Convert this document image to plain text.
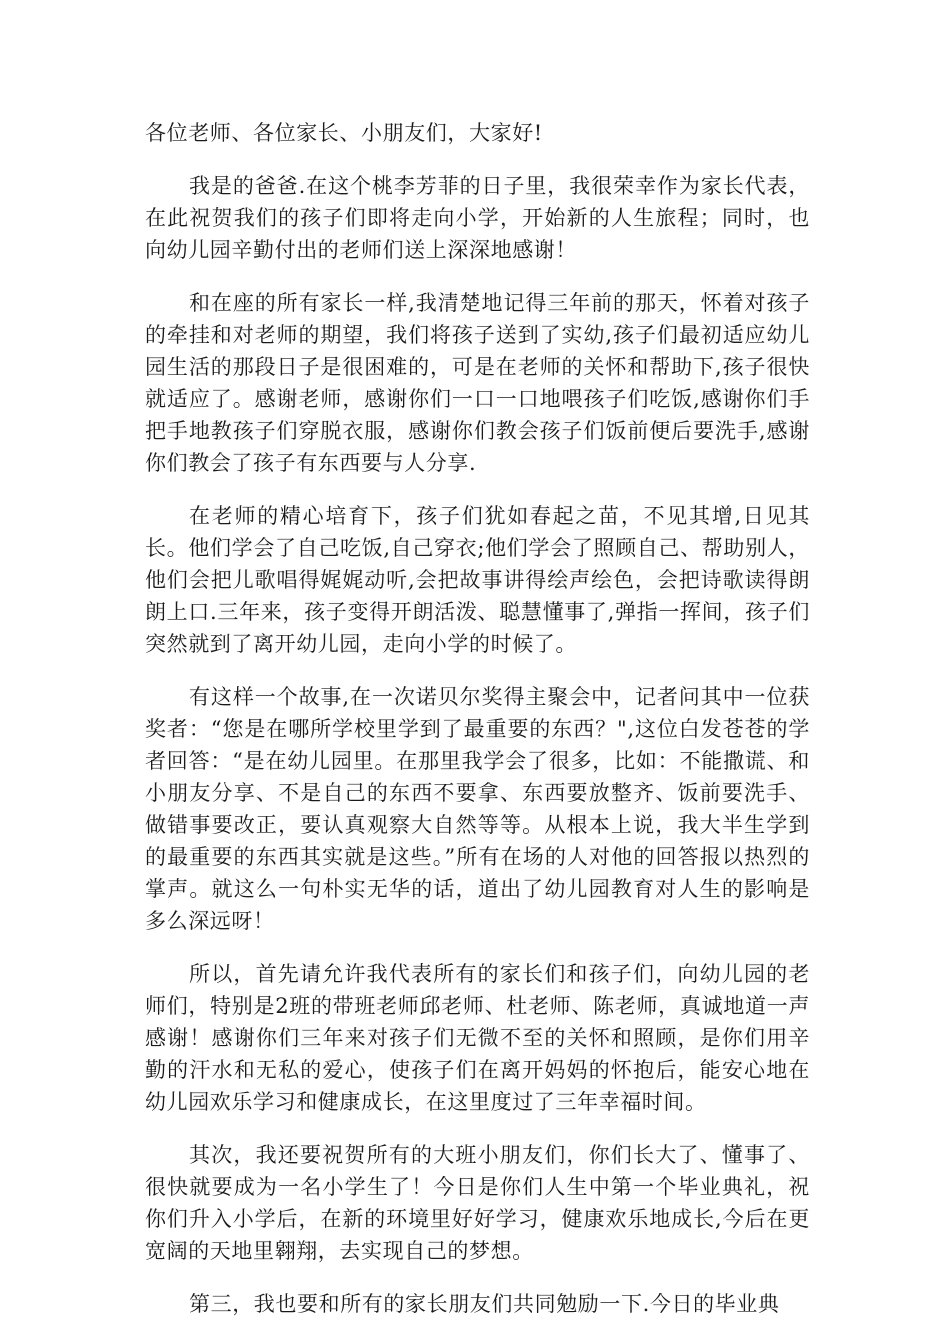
各位老师、各位家长、小朋友们，大家好!

我是的爸爸.在这个桃李芳菲的日子里，我很荣幸作为家长代表，在此祝贺我们的孩子们即将走向小学，开始新的人生旅程；同时，也向幼儿园辛勤付出的老师们送上深深地感谢！

和在座的所有家长一样,我清楚地记得三年前的那天，怀着对孩子的牵挂和对老师的期望，我们将孩子送到了实幼,孩子们最初适应幼儿园生活的那段日子是很困难的，可是在老师的关怀和帮助下,孩子很快就适应了。感谢老师，感谢你们一口一口地喂孩子们吃饭,感谢你们手把手地教孩子们穿脱衣服，感谢你们教会孩子们饭前便后要洗手,感谢你们教会了孩子有东西要与人分享.

在老师的精心培育下，孩子们犹如春起之苗，不见其增,日见其长。他们学会了自己吃饭,自己穿衣;他们学会了照顾自己、帮助别人，他们会把儿歌唱得娓娓动听,会把故事讲得绘声绘色，会把诗歌读得朗朗上口.三年来，孩子变得开朗活泼、聪慧懂事了,弹指一挥间，孩子们突然就到了离开幼儿园，走向小学的时候了。

有这样一个故事,在一次诺贝尔奖得主聚会中，记者问其中一位获奖者：“您是在哪所学校里学到了最重要的东西？",这位白发苍苍的学者回答：“是在幼儿园里。在那里我学会了很多，比如：不能撒谎、和小朋友分享、不是自己的东西不要拿、东西要放整齐、饭前要洗手、做错事要改正，要认真观察大自然等等。从根本上说，我大半生学到的最重要的东西其实就是这些。”所有在场的人对他的回答报以热烈的掌声。就这么一句朴实无华的话，道出了幼儿园教育对人生的影响是多么深远呀！

所以，首先请允许我代表所有的家长们和孩子们，向幼儿园的老师们，特别是2班的带班老师邱老师、杜老师、陈老师，真诚地道一声感谢！感谢你们三年来对孩子们无微不至的关怀和照顾，是你们用辛勤的汗水和无私的爱心，使孩子们在离开妈妈的怀抱后，能安心地在幼儿园欢乐学习和健康成长，在这里度过了三年幸福时间。

其次，我还要祝贺所有的大班小朋友们，你们长大了、懂事了、很快就要成为一名小学生了！今日是你们人生中第一个毕业典礼，祝你们升入小学后，在新的环境里好好学习，健康欢乐地成长,今后在更宽阔的天地里翱翔，去实现自己的梦想。

第三，我也要和所有的家长朋友们共同勉励一下.今日的毕业典
